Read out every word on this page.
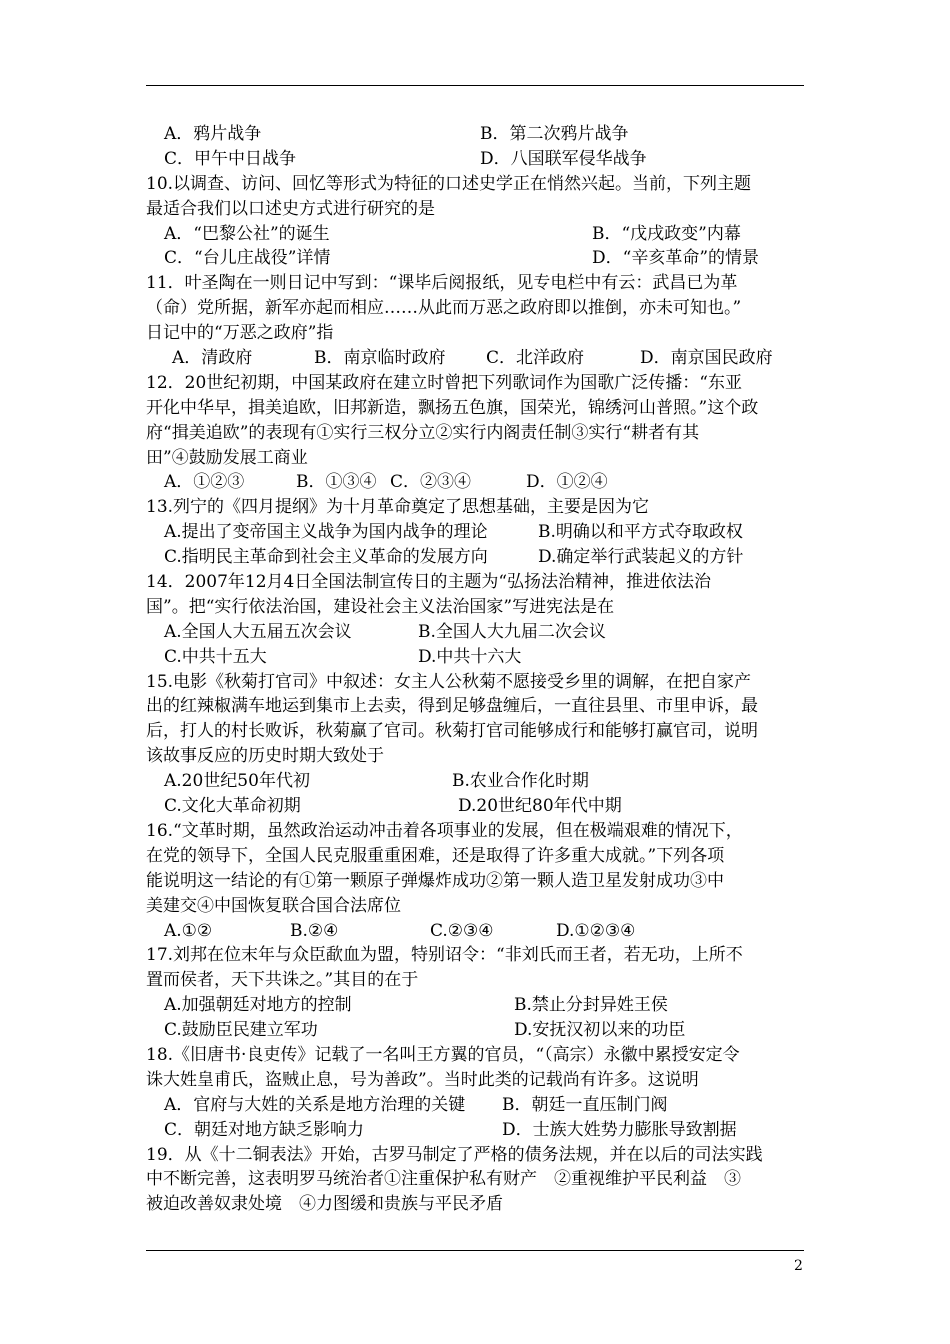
A．鸦片战争	B．第二次鸦片战争
C．甲午中日战争	D．八国联军侵华战争
10.以调查、访问、回忆等形式为特征的口述史学正在悄然兴起。当前，下列主题
最适合我们以口述史方式进行研究的是
A．“巴黎公社”的诞生	B．“戊戌政变”内幕
C．“台儿庄战役”详情	D．“辛亥革命”的情景
11．叶圣陶在一则日记中写到：“课毕后阅报纸，见专电栏中有云：武昌已为革
（命）党所据，新军亦起而相应……从此而万恶之政府即以推倒，亦未可知也。”
日记中的“万恶之政府”指
A．清政府	B．南京临时政府 C．北洋政府	D．南京国民政府
12．20世纪初期，中国某政府在建立时曾把下列歌词作为国歌广泛传播：“东亚
开化中华早，揖美追欧，旧邦新造，飘扬五色旗，国荣光，锦绣河山普照。”这个政
府“揖美追欧”的表现有①实行三权分立②实行内阁责任制③实行“耕者有其
田”④鼓励发展工商业
A．①②③	B．①③④ C．②③④	D．①②④
13.列宁的《四月提纲》为十月革命奠定了思想基础，主要是因为它
A.提出了变帝国主义战争为国内战争的理论	B.明确以和平方式夺取政权
C.指明民主革命到社会主义革命的发展方向	D.确定举行武装起义的方针
14．2007年12月4日全国法制宣传日的主题为“弘扬法治精神，推进依法治
国”。把“实行依法治国，建设社会主义法治国家”写进宪法是在
A.全国人大五届五次会议	B.全国人大九届二次会议
C.中共十五大	D.中共十六大
15.电影《秋菊打官司》中叙述：女主人公秋菊不愿接受乡里的调解，在把自家产
出的红辣椒满车地运到集市上去卖，得到足够盘缠后，一直往县里、市里申诉，最
后，打人的村长败诉，秋菊赢了官司。秋菊打官司能够成行和能够打赢官司，说明
该故事反应的历史时期大致处于
A.20世纪50年代初	B.农业合作化时期
C.文化大革命初期	D.20世纪80年代中期
16.“文革时期，虽然政治运动冲击着各项事业的发展，但在极端艰难的情况下，
在党的领导下，全国人民克服重重困难，还是取得了许多重大成就。”下列各项
能说明这一结论的有①第一颗原子弹爆炸成功②第一颗人造卫星发射成功③中
美建交④中国恢复联合国合法席位
A.①②	B.②④	C.②③④	D.①②③④
17.刘邦在位末年与众臣歃血为盟，特别诏令：“非刘氏而王者，若无功，上所不
置而侯者，天下共诛之。”其目的在于
A.加强朝廷对地方的控制	B.禁止分封异姓王侯
C.鼓励臣民建立军功	D.安抚汉初以来的功臣
18.《旧唐书·良吏传》记载了一名叫王方翼的官员，“（高宗）永徽中累授安定令
诛大姓皇甫氏，盗贼止息，号为善政”。当时此类的记载尚有许多。这说明
A．官府与大姓的关系是地方治理的关键 B．朝廷一直压制门阀
C．朝廷对地方缺乏影响力	D．士族大姓势力膨胀导致割据
19．从《十二铜表法》开始，古罗马制定了严格的债务法规，并在以后的司法实践
中不断完善，这表明罗马统治者①注重保护私有财产　②重视维护平民利益　③
被迫改善奴隶处境　④力图缓和贵族与平民矛盾
2
